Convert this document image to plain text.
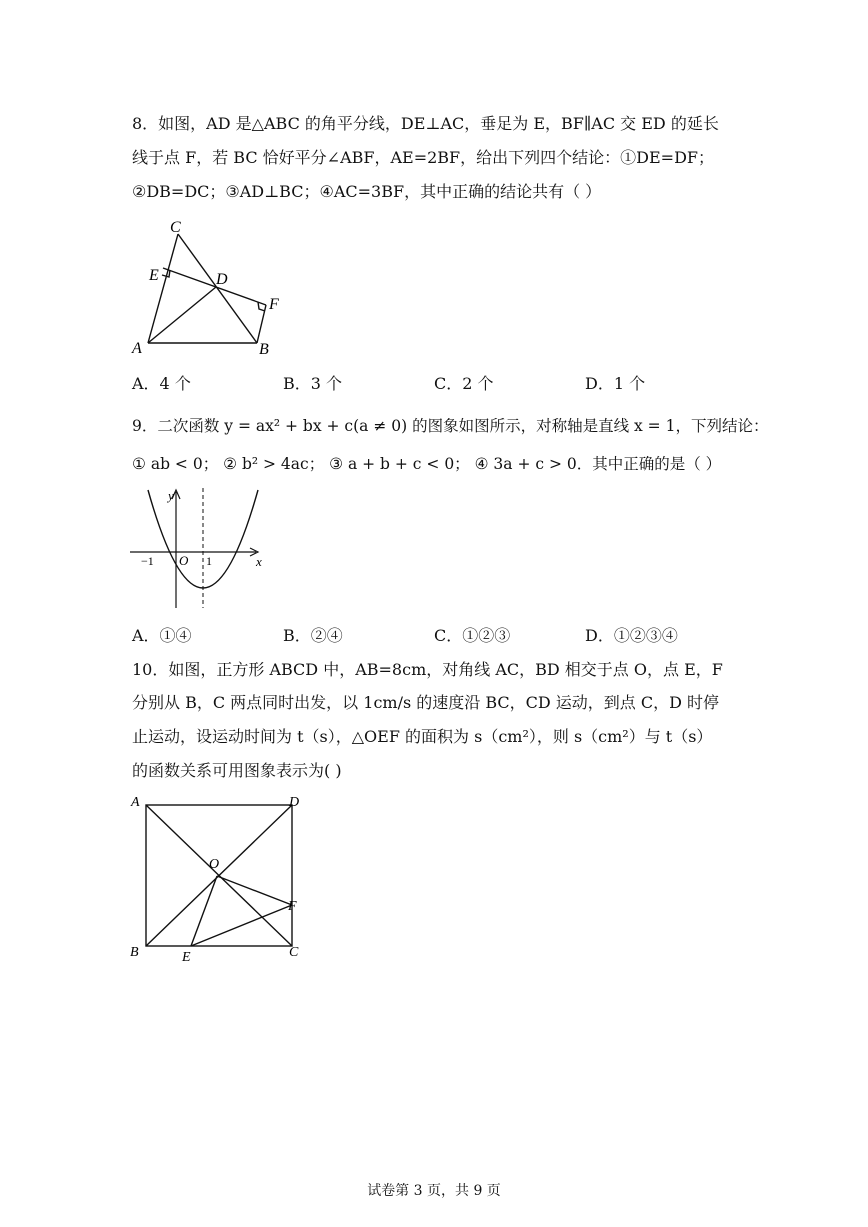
8．如图，AD 是△ABC 的角平分线，DE⊥AC，垂足为 E，BF∥AC 交 ED 的延长
线于点 F，若 BC 恰好平分∠ABF，AE=2BF，给出下列四个结论：①DE=DF；
②DB=DC；③AD⊥BC；④AC=3BF，其中正确的结论共有（ ）
C
E	D
F
A	B
A．4 个	B．3 个	C．2 个	D．1 个
9．二次函数 y = ax² + bx + c(a ≠ 0) 的图象如图所示，对称轴是直线 x = 1，下列结论：
① ab < 0； ② b² > 4ac； ③ a + b + c < 0； ④ 3a + c > 0．其中正确的是（ ）
y
x
O
−1	1
A．①④	B．②④	C．①②③	D．①②③④
10．如图，正方形 ABCD 中，AB=8cm，对角线 AC，BD 相交于点 O，点 E，F
分别从 B，C 两点同时出发，以 1cm/s 的速度沿 BC，CD 运动，到点 C，D 时停
止运动，设运动时间为 t（s），△OEF 的面积为 s（cm²），则 s（cm²）与 t（s）
的函数关系可用图象表示为( )
A	D
O
F
B	E	C
试卷第 3 页，共 9 页
